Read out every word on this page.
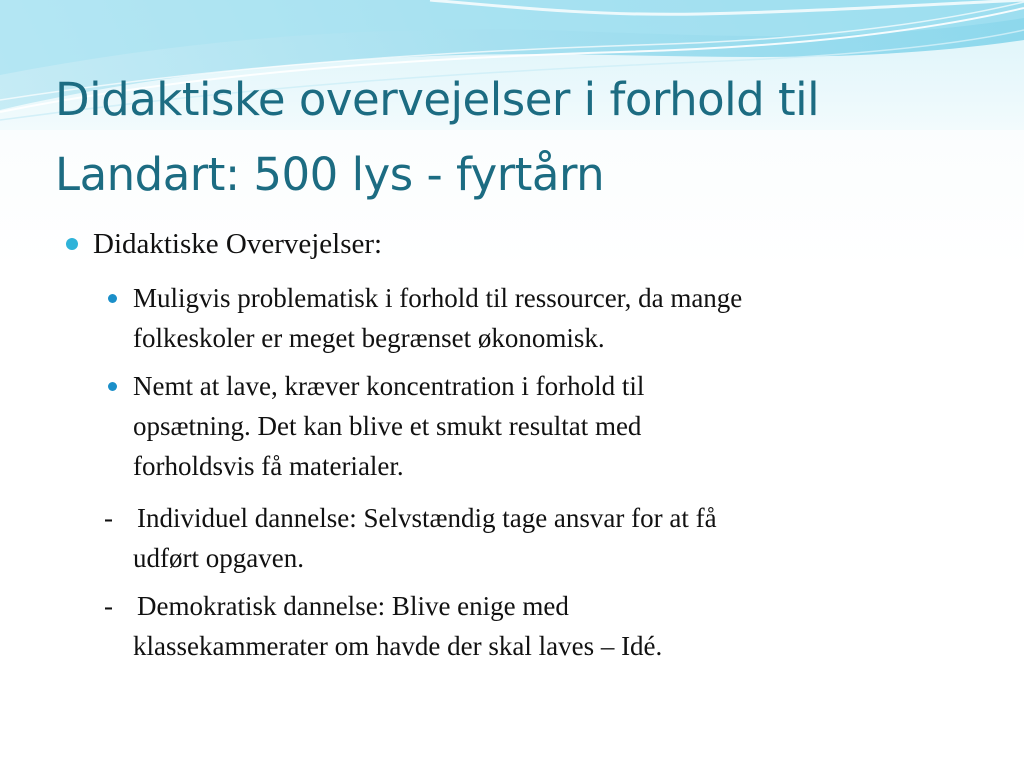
Didaktiske overvejelser i forhold til
Landart: 500 lys - fyrtårn
Didaktiske Overvejelser:
Muligvis problematisk i forhold til ressourcer, da mange
folkeskoler er meget begrænset økonomisk.
Nemt at lave, kræver koncentration i forhold til
opsætning. Det kan blive et smukt resultat med
forholdsvis få materialer.
- Individuel dannelse: Selvstændig tage ansvar for at få
udført opgaven.
- Demokratisk dannelse: Blive enige med
klassekammerater om havde der skal laves – Idé.
